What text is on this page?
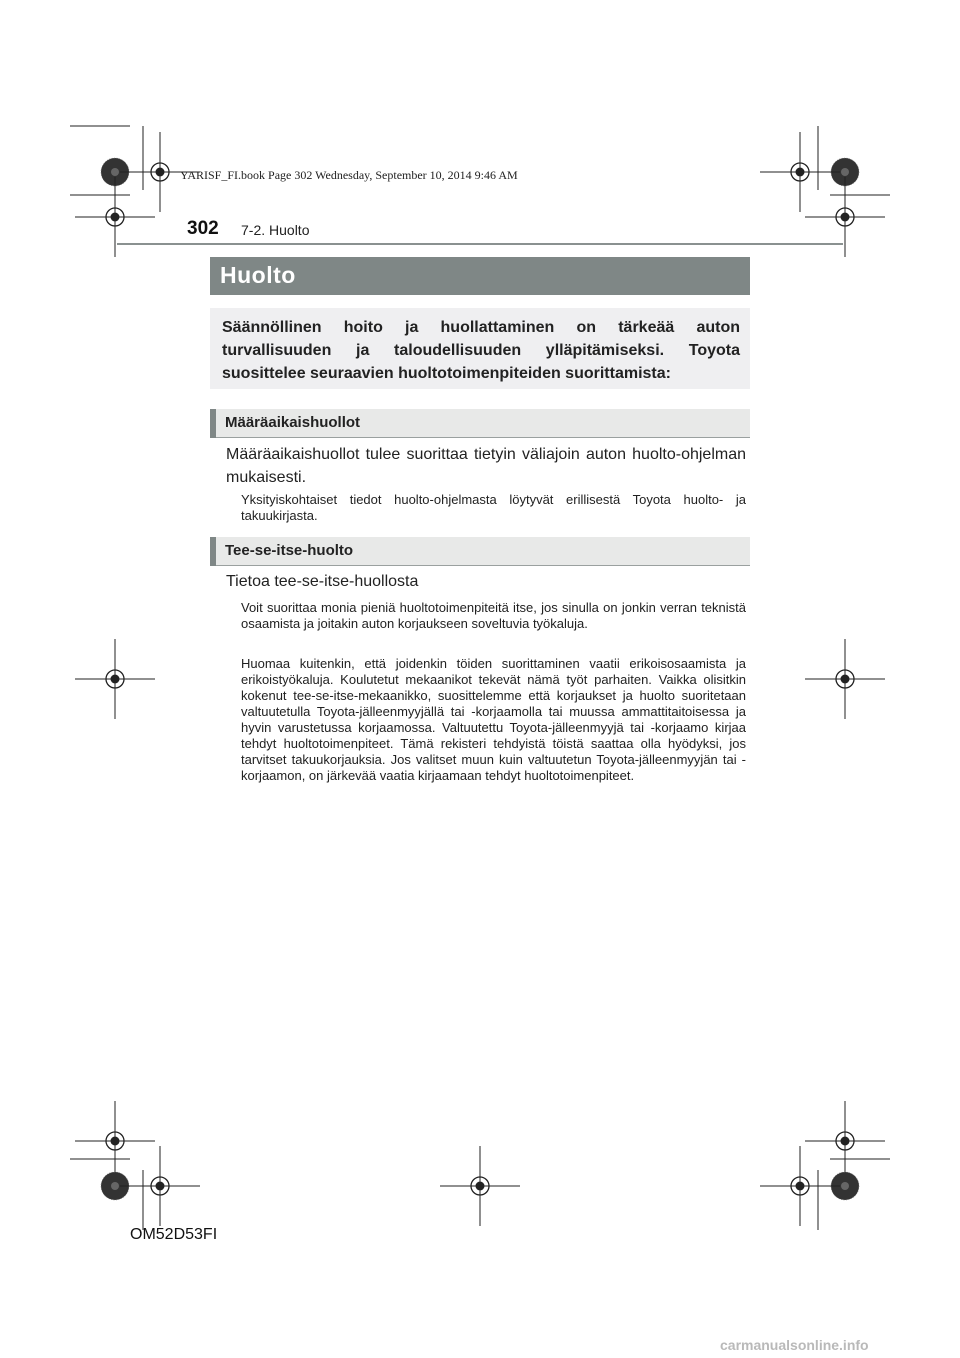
YARISF_FI.book Page 302 Wednesday, September 10, 2014 9:46 AM
302 7-2. Huolto
Huolto

Säännöllinen hoito ja huollattaminen on tärkeää auton turvallisuuden ja taloudellisuuden ylläpitämiseksi. Toyota suosittelee seuraavien huoltotoimenpiteiden suorittamista:

Määräaikaishuollot

Määräaikaishuollot tulee suorittaa tietyin väliajoin auton huolto-ohjelman mukaisesti.

Yksityiskohtaiset tiedot huolto-ohjelmasta löytyvät erillisestä Toyota huolto- ja takuukirjasta.

Tee-se-itse-huolto

Tietoa tee-se-itse-huollosta

Voit suorittaa monia pieniä huoltotoimenpiteitä itse, jos sinulla on jonkin verran teknistä osaamista ja joitakin auton korjaukseen soveltuvia työkaluja.

Huomaa kuitenkin, että joidenkin töiden suorittaminen vaatii erikoisosaamista ja erikoistyökaluja. Koulutetut mekaanikot tekevät nämä työt parhaiten. Vaikka olisitkin kokenut tee-se-itse-mekaanikko, suosittelemme että korjaukset ja huolto suoritetaan valtuutetulla Toyota-jälleenmyyjällä tai -korjaamolla tai muussa ammattitaitoisessa ja hyvin varustetussa korjaamossa. Valtuutettu Toyota-jälleenmyyjä tai -korjaamo kirjaa tehdyt huoltotoimenpiteet. Tämä rekisteri tehdyistä töistä saattaa olla hyödyksi, jos tarvitset takuukorjauksia. Jos valitset muun kuin valtuutetun Toyota-jälleenmyyjän tai -korjaamon, on järkevää vaatia kirjaamaan tehdyt huoltotoimenpiteet.

OM52D53FI
carmanualsonline.info
